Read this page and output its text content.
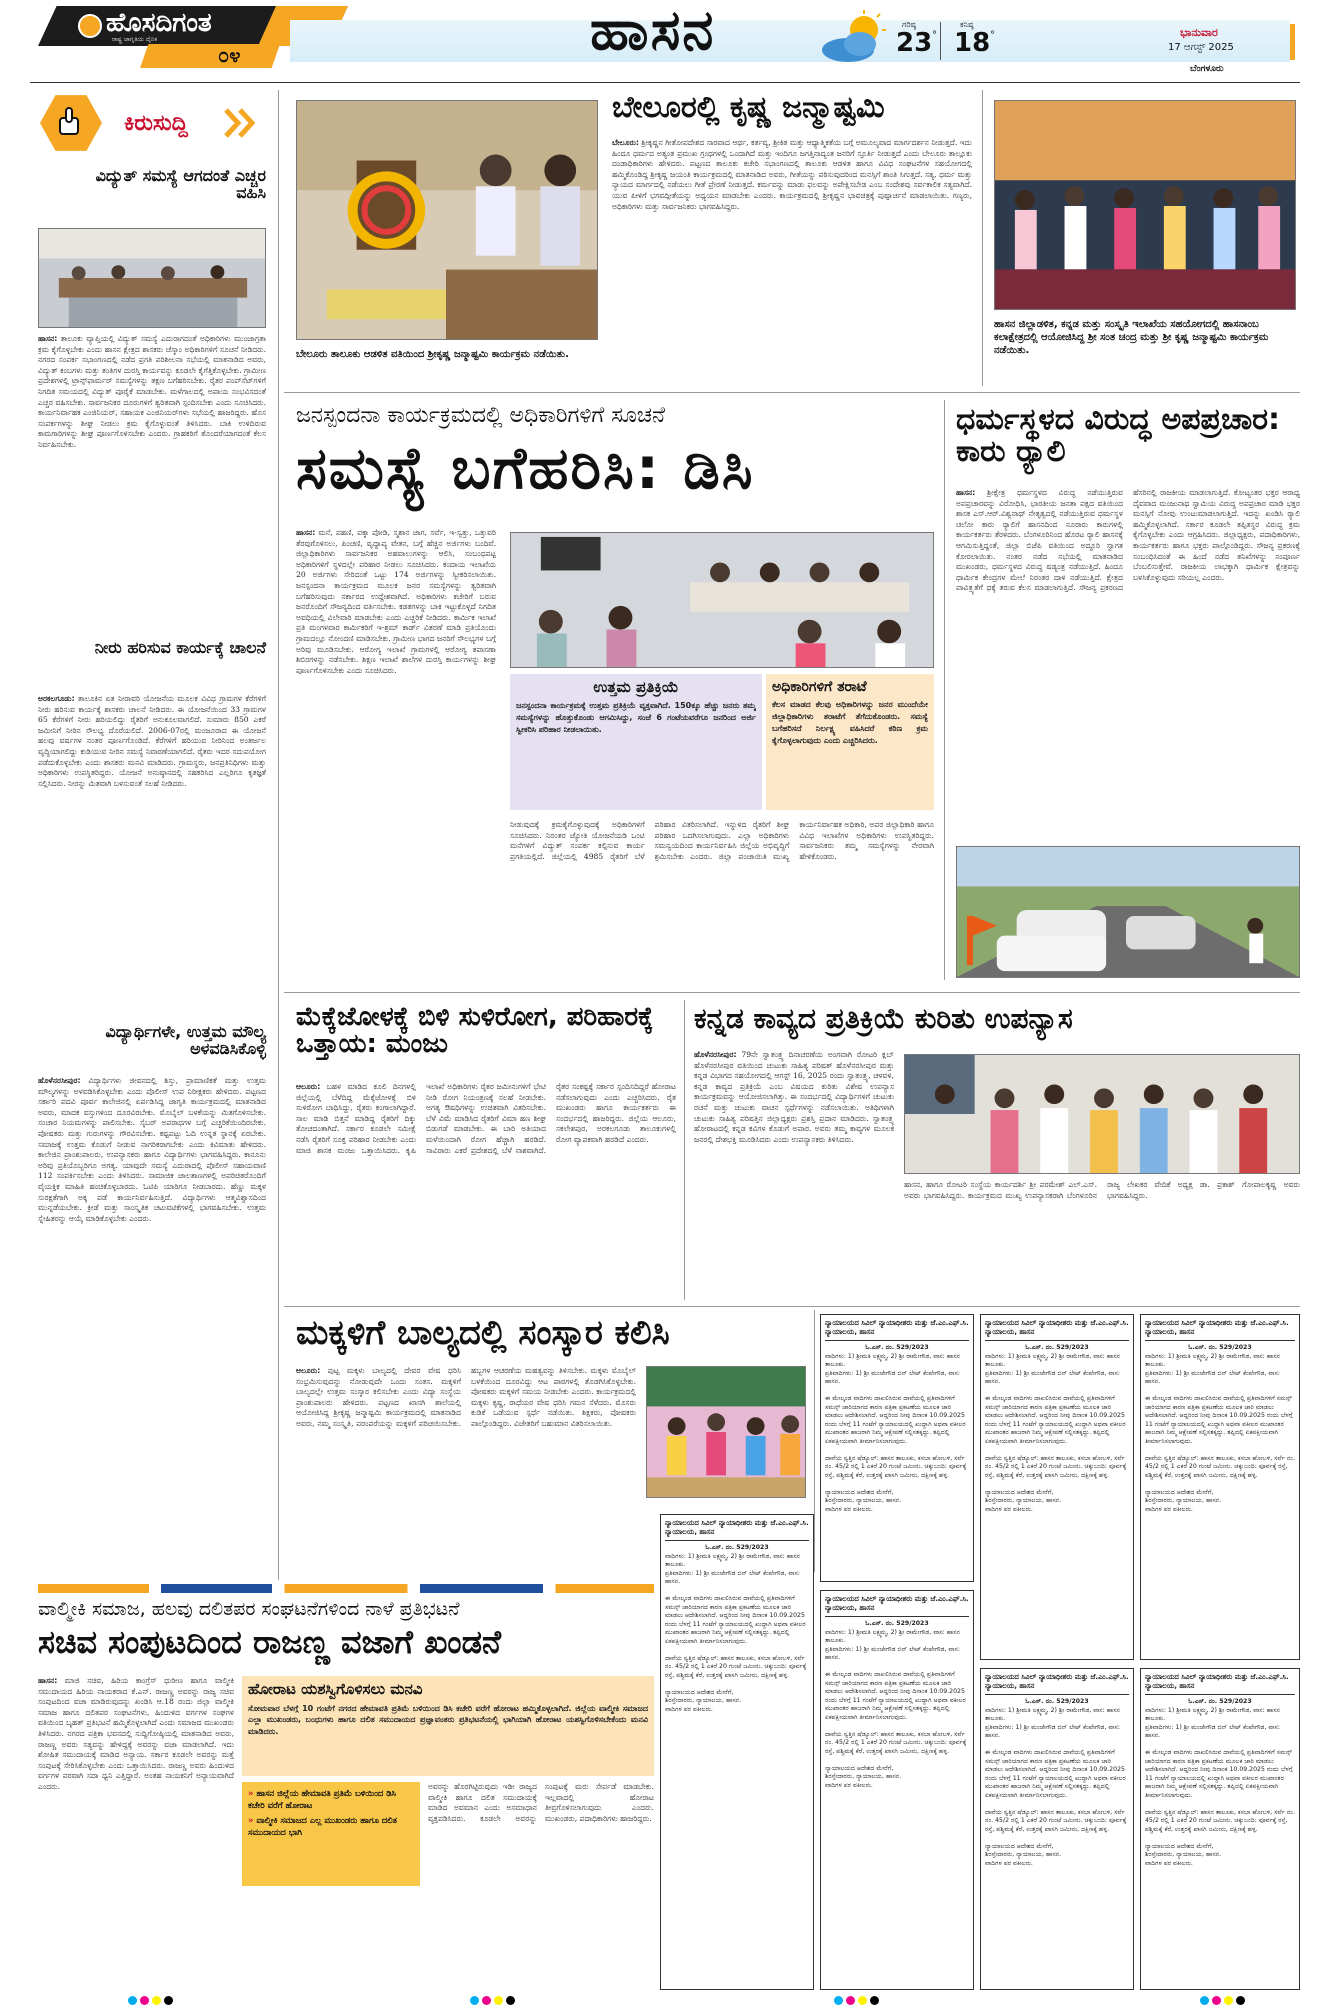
ಹೊಸದಿಗಂತ
ರಾಷ್ಟ್ರ ಜಾಗೃತಿಯ ದೈನಿಕ
೦೪	ಹಾಸನ	ಗರಿಷ್ಠ
23 °
ಕನಿಷ್ಠ
18 °	ಭಾನುವಾರ
17 ಆಗಸ್ಟ್ 2025
ಬೆಂಗಳೂರು
ಕಿರುಸುದ್ದಿ
ವಿದ್ಯುತ್ ಸಮಸ್ಯೆ ಆಗದಂತೆ ಎಚ್ಚರ ವಹಿಸಿ
ಹಾಸನ: ತಾಲೂಕು ವ್ಯಾಪ್ತಿಯಲ್ಲಿ ವಿದ್ಯುತ್ ಸಮಸ್ಯೆ ಎದುರಾಗದಂತೆ ಅಧಿಕಾರಿಗಳು ಮುಂಜಾಗ್ರತಾ ಕ್ರಮ ಕೈಗೊಳ್ಳಬೇಕು ಎಂದು ಹಾಸನ ಕ್ಷೇತ್ರದ ಶಾಸಕರು ಚೆಸ್ಕಾಂ ಅಧಿಕಾರಿಗಳಿಗೆ ಸೂಚನೆ ನೀಡಿದರು. ನಗರದ ಸಂಪರ್ಕ ಸಭಾಂಗಣದಲ್ಲಿ ನಡೆದ ಪ್ರಗತಿ ಪರಿಶೀಲನಾ ಸಭೆಯಲ್ಲಿ ಮಾತನಾಡಿದ ಅವರು, ವಿದ್ಯುತ್ ಕಂಬಗಳು ಮತ್ತು ತಂತಿಗಳ ದುರಸ್ತಿ ಕಾರ್ಯವನ್ನು ಕೂಡಲೇ ಕೈಗೆತ್ತಿಕೊಳ್ಳಬೇಕು. ಗ್ರಾಮೀಣ ಪ್ರದೇಶಗಳಲ್ಲಿ ಟ್ರಾನ್ಸ್‌ಫಾರ್ಮರ್ ಸಮಸ್ಯೆಗಳನ್ನು ತಕ್ಷಣ ಬಗೆಹರಿಸಬೇಕು. ರೈತರ ಪಂಪ್‌ಸೆಟ್‌ಗಳಿಗೆ ನಿಗದಿತ ಸಮಯದಲ್ಲಿ ವಿದ್ಯುತ್ ಪೂರೈಕೆ ಮಾಡಬೇಕು. ಮಳೆಗಾಲದಲ್ಲಿ ಅಪಾಯ ಸಂಭವಿಸದಂತೆ ಎಚ್ಚರ ವಹಿಸಬೇಕು. ಸಾರ್ವಜನಿಕರ ದೂರುಗಳಿಗೆ ತ್ವರಿತವಾಗಿ ಸ್ಪಂದಿಸಬೇಕು ಎಂದು ಸೂಚಿಸಿದರು. ಕಾರ್ಯನಿರ್ವಾಹಕ ಎಂಜಿನಿಯರ್, ಸಹಾಯಕ ಎಂಜಿನಿಯರ್‌ಗಳು ಸಭೆಯಲ್ಲಿ ಹಾಜರಿದ್ದರು. ಹೊಸ ಸಂಪರ್ಕಗಳನ್ನು ಶೀಘ್ರ ನೀಡಲು ಕ್ರಮ ಕೈಗೊಳ್ಳುವಂತೆ ತಿಳಿಸಿದರು. ಬಾಕಿ ಉಳಿದಿರುವ ಕಾಮಗಾರಿಗಳನ್ನು ಶೀಘ್ರ ಪೂರ್ಣಗೊಳಿಸಬೇಕು ಎಂದರು. ಗ್ರಾಹಕರಿಗೆ ತೊಂದರೆಯಾಗದಂತೆ ಕೆಲಸ ನಿರ್ವಹಿಸಬೇಕು.
ನೀರು ಹರಿಸುವ ಕಾರ್ಯಕ್ಕೆ ಚಾಲನೆ
ಅರಕಲಗೂಡು: ತಾಲೂಕಿನ ಏತ ನೀರಾವರಿ ಯೋಜನೆಯ ಮೂಲಕ ವಿವಿಧ ಗ್ರಾಮಗಳ ಕೆರೆಗಳಿಗೆ ನೀರು ಹರಿಸುವ ಕಾರ್ಯಕ್ಕೆ ಶಾಸಕರು ಚಾಲನೆ ನೀಡಿದರು. ಈ ಯೋಜನೆಯಿಂದ 33 ಗ್ರಾಮಗಳ 65 ಕೆರೆಗಳಿಗೆ ನೀರು ಹರಿಯಲಿದ್ದು ರೈತರಿಗೆ ಅನುಕೂಲವಾಗಲಿದೆ. ಸುಮಾರು 850 ಎಕರೆ ಜಮೀನಿಗೆ ನೀರಿನ ಸೌಲಭ್ಯ ದೊರೆಯಲಿದೆ. 2006-07ರಲ್ಲಿ ಮಂಜೂರಾದ ಈ ಯೋಜನೆ ಹಲವು ವರ್ಷಗಳ ನಂತರ ಪೂರ್ಣಗೊಂಡಿದೆ. ಕೆರೆಗಳಿಗೆ ಹರಿಯುವ ನೀರಿನಿಂದ ಅಂತರ್ಜಲ ವೃದ್ಧಿಯಾಗಲಿದ್ದು ಕುಡಿಯುವ ನೀರಿನ ಸಮಸ್ಯೆ ನಿವಾರಣೆಯಾಗಲಿದೆ. ರೈತರು ಇದರ ಸದುಪಯೋಗ ಪಡೆದುಕೊಳ್ಳಬೇಕು ಎಂದು ಶಾಸಕರು ಮನವಿ ಮಾಡಿದರು. ಗ್ರಾಮಸ್ಥರು, ಜನಪ್ರತಿನಿಧಿಗಳು ಮತ್ತು ಅಧಿಕಾರಿಗಳು ಉಪಸ್ಥಿತರಿದ್ದರು. ಯೋಜನೆ ಅನುಷ್ಠಾನದಲ್ಲಿ ಸಹಕರಿಸಿದ ಎಲ್ಲರಿಗೂ ಕೃತಜ್ಞತೆ ಸಲ್ಲಿಸಿದರು. ನೀರನ್ನು ಮಿತವಾಗಿ ಬಳಸುವಂತೆ ಸಲಹೆ ನೀಡಿದರು.
ವಿದ್ಯಾರ್ಥಿಗಳೇ, ಉತ್ತಮ ಮೌಲ್ಯ ಅಳವಡಿಸಿಕೊಳ್ಳಿ
ಹೊಳೆನರಸೀಪುರ: ವಿದ್ಯಾರ್ಥಿಗಳು ಜೀವನದಲ್ಲಿ ಶಿಸ್ತು, ಪ್ರಾಮಾಣಿಕತೆ ಮತ್ತು ಉತ್ತಮ ಮೌಲ್ಯಗಳನ್ನು ಅಳವಡಿಸಿಕೊಳ್ಳಬೇಕು ಎಂದು ಪೊಲೀಸ್ ಉಪ ನಿರೀಕ್ಷಕರು ಹೇಳಿದರು. ಪಟ್ಟಣದ ಸರ್ಕಾರಿ ಪದವಿ ಪೂರ್ವ ಕಾಲೇಜಿನಲ್ಲಿ ಏರ್ಪಡಿಸಿದ್ದ ಜಾಗೃತಿ ಕಾರ್ಯಕ್ರಮದಲ್ಲಿ ಮಾತನಾಡಿದ ಅವರು, ಮಾದಕ ವಸ್ತುಗಳಿಂದ ದೂರವಿರಬೇಕು. ಮೊಬೈಲ್ ಬಳಕೆಯನ್ನು ಮಿತಗೊಳಿಸಬೇಕು. ಸಂಚಾರ ನಿಯಮಗಳನ್ನು ಪಾಲಿಸಬೇಕು. ಸೈಬರ್ ಅಪರಾಧಗಳ ಬಗ್ಗೆ ಎಚ್ಚರಿಕೆಯಿಂದಿರಬೇಕು. ಪೋಷಕರು ಮತ್ತು ಗುರುಗಳನ್ನು ಗೌರವಿಸಬೇಕು. ಕಷ್ಟಪಟ್ಟು ಓದಿ ಉನ್ನತ ಸ್ಥಾನಕ್ಕೆ ಏರಬೇಕು. ಸಮಾಜಕ್ಕೆ ಉತ್ತಮ ಕೊಡುಗೆ ನೀಡುವ ನಾಗರಿಕರಾಗಬೇಕು ಎಂದು ಕಿವಿಮಾತು ಹೇಳಿದರು. ಕಾಲೇಜಿನ ಪ್ರಾಂಶುಪಾಲರು, ಉಪನ್ಯಾಸಕರು ಹಾಗೂ ವಿದ್ಯಾರ್ಥಿಗಳು ಭಾಗವಹಿಸಿದ್ದರು. ಕಾನೂನು ಅರಿವು ಪ್ರತಿಯೊಬ್ಬರಿಗೂ ಅಗತ್ಯ. ಯಾವುದೇ ಸಮಸ್ಯೆ ಎದುರಾದಲ್ಲಿ ಪೊಲೀಸ್ ಸಹಾಯವಾಣಿ 112 ಸಂಪರ್ಕಿಸಬೇಕು ಎಂದು ತಿಳಿಸಿದರು. ಸಾಮಾಜಿಕ ಜಾಲತಾಣಗಳಲ್ಲಿ ಅಪರಿಚಿತರೊಂದಿಗೆ ವೈಯಕ್ತಿಕ ಮಾಹಿತಿ ಹಂಚಿಕೊಳ್ಳಬಾರದು. ಓಟಿಪಿ ಯಾರಿಗೂ ನೀಡಬಾರದು. ಹೆಣ್ಣು ಮಕ್ಕಳ ಸುರಕ್ಷತೆಗಾಗಿ ಅಕ್ಕ ಪಡೆ ಕಾರ್ಯನಿರ್ವಹಿಸುತ್ತಿದೆ. ವಿದ್ಯಾರ್ಥಿಗಳು ಆತ್ಮವಿಶ್ವಾಸದಿಂದ ಮುನ್ನಡೆಯಬೇಕು. ಕ್ರೀಡೆ ಮತ್ತು ಸಾಂಸ್ಕೃತಿಕ ಚಟುವಟಿಕೆಗಳಲ್ಲಿ ಭಾಗವಹಿಸಬೇಕು. ಉತ್ತಮ ಸ್ನೇಹಿತರನ್ನು ಆಯ್ಕೆ ಮಾಡಿಕೊಳ್ಳಬೇಕು ಎಂದರು.
ಬೇಲೂರು ತಾಲೂಕು ಆಡಳಿತ ವತಿಯಿಂದ ಶ್ರೀಕೃಷ್ಣ ಜನ್ಮಾಷ್ಟಮಿ ಕಾರ್ಯಕ್ರಮ ನಡೆಯಿತು.
ಬೇಲೂರಲ್ಲಿ ಕೃಷ್ಣ ಜನ್ಮಾಷ್ಟಮಿ
ಬೇಲೂರು: ಶ್ರೀಕೃಷ್ಣನ ಗೀತೋಪದೇಶದ ಸಾರವಾದ ಆರ್ಥ, ಕರ್ತವ್ಯ, ಶ್ರೀಕಿತ ಮತ್ತು ಆಧ್ಯಾತ್ಮಿಕತೆಯ ಬಗ್ಗೆ ಅಮೂಲ್ಯವಾದ ಮಾರ್ಗದರ್ಶನ ನೀಡುತ್ತದೆ. ಇದು ಹಿಂದೂ ಧರ್ಮದ ಅತ್ಯಂತ ಪ್ರಮುಖ ಗ್ರಂಥಗಳಲ್ಲಿ ಒಂದಾಗಿದೆ ಮತ್ತು ಇಂದಿಗೂ ಜಗತ್ತಿನಾದ್ಯಂತ ಜನರಿಗೆ ಸ್ಫೂರ್ತಿ ನೀಡುತ್ತದೆ ಎಂದು ಬೇಲೂರು ತಾಲ್ಲೂಕು ದಂಡಾಧಿಕಾರಿಗಳು ಹೇಳಿದರು. ಪಟ್ಟಣದ ತಾಲೂಕು ಕಚೇರಿ ಸಭಾಂಗಣದಲ್ಲಿ ತಾಲೂಕು ಆಡಳಿತ ಹಾಗೂ ವಿವಿಧ ಸಂಘಟನೆಗಳ ಸಹಯೋಗದಲ್ಲಿ ಹಮ್ಮಿಕೊಂಡಿದ್ದ ಶ್ರೀಕೃಷ್ಣ ಜಯಂತಿ ಕಾರ್ಯಕ್ರಮದಲ್ಲಿ ಮಾತನಾಡಿದ ಅವರು, ಗೀತೆಯನ್ನು ಪಠಿಸುವುದರಿಂದ ಮನಸ್ಸಿಗೆ ಶಾಂತಿ ಸಿಗುತ್ತದೆ. ಸತ್ಯ, ಧರ್ಮ ಮತ್ತು ನ್ಯಾಯದ ಮಾರ್ಗದಲ್ಲಿ ನಡೆಯಲು ಗೀತೆ ಪ್ರೇರಣೆ ನೀಡುತ್ತದೆ. ಕರ್ಮವನ್ನು ಮಾಡು ಫಲವನ್ನು ಅಪೇಕ್ಷಿಸಬೇಡ ಎಂಬ ಸಂದೇಶವು ಸರ್ವಕಾಲಿಕ ಸತ್ಯವಾಗಿದೆ. ಯುವ ಪೀಳಿಗೆ ಭಗವದ್ಗೀತೆಯನ್ನು ಅಧ್ಯಯನ ಮಾಡಬೇಕು ಎಂದರು. ಕಾರ್ಯಕ್ರಮದಲ್ಲಿ ಶ್ರೀಕೃಷ್ಣನ ಭಾವಚಿತ್ರಕ್ಕೆ ಪುಷ್ಪಾರ್ಚನೆ ಮಾಡಲಾಯಿತು. ಗಣ್ಯರು, ಅಧಿಕಾರಿಗಳು ಮತ್ತು ಸಾರ್ವಜನಿಕರು ಭಾಗವಹಿಸಿದ್ದರು.
ಹಾಸನ ಜಿಲ್ಲಾಡಳಿತ, ಕನ್ನಡ ಮತ್ತು ಸಂಸ್ಕೃತಿ ಇಲಾಖೆಯ ಸಹಯೋಗದಲ್ಲಿ ಹಾಸನಾಂಬ ಕಲಾಕ್ಷೇತ್ರದಲ್ಲಿ ಆಯೋಜಿಸಿದ್ದ ಶ್ರೀ ಸಂತ ಚಂದ್ರ ಮತ್ತು ಶ್ರೀ ಕೃಷ್ಣ ಜನ್ಮಾಷ್ಟಮಿ ಕಾರ್ಯಕ್ರಮ ನಡೆಯಿತು.
ಜನಸ್ಪಂದನಾ ಕಾರ್ಯಕ್ರಮದಲ್ಲಿ ಅಧಿಕಾರಿಗಳಿಗೆ ಸೂಚನೆ
ಸಮಸ್ಯೆ ಬಗೆಹರಿಸಿ: ಡಿಸಿ
ಹಾಸನ: ಮನೆ, ಪಹಣಿ, ಪಕ್ಕಾ ಪೋಡಿ, ಸ್ಮಶಾನ ಜಾಗ, ಸರ್ವೆ, ಇ-ಸ್ವತ್ತು, ಒತ್ತುವರಿ ತೆರವುಗೊಳಿಸಲು, ಪಿಂಚಣಿ, ವೃದ್ಧಾಪ್ಯ ವೇತನ, ಬಗ್ಗೆ ಹೆಚ್ಚಿನ ಅರ್ಜಿಗಳು ಬಂದಿವೆ. ಜಿಲ್ಲಾಧಿಕಾರಿಗಳು ಸಾರ್ವಜನಿಕರ ಅಹವಾಲುಗಳನ್ನು ಆಲಿಸಿ, ಸಂಬಂಧಪಟ್ಟ ಅಧಿಕಾರಿಗಳಿಗೆ ಸ್ಥಳದಲ್ಲೇ ಪರಿಹಾರ ನೀಡಲು ಸೂಚಿಸಿದರು. ಕಂದಾಯ ಇಲಾಖೆಯ 20 ಅರ್ಜಿಗಳು ಸೇರಿದಂತೆ ಒಟ್ಟು 174 ಅರ್ಜಿಗಳನ್ನು ಸ್ವೀಕರಿಸಲಾಯಿತು. ಜನಸ್ಪಂದನಾ ಕಾರ್ಯಕ್ರಮದ ಮೂಲಕ ಜನರ ಸಮಸ್ಯೆಗಳನ್ನು ತ್ವರಿತವಾಗಿ ಬಗೆಹರಿಸುವುದು ಸರ್ಕಾರದ ಉದ್ದೇಶವಾಗಿದೆ. ಅಧಿಕಾರಿಗಳು ಕಚೇರಿಗೆ ಬರುವ ಜನರೊಂದಿಗೆ ಸೌಜನ್ಯದಿಂದ ವರ್ತಿಸಬೇಕು. ಕಡತಗಳನ್ನು ಬಾಕಿ ಇಟ್ಟುಕೊಳ್ಳದೆ ನಿಗದಿತ ಅವಧಿಯಲ್ಲಿ ವಿಲೇವಾರಿ ಮಾಡಬೇಕು ಎಂದು ಎಚ್ಚರಿಕೆ ನೀಡಿದರು. ಕಾರ್ಮಿಕ ಇಲಾಖೆ ಪ್ರತಿ ಮಂಗಳವಾರ ಕಾರ್ಮಿಕರಿಗೆ ಇ-ಶ್ರಮ್ ಕಾರ್ಡ್ ವಿತರಣೆ ಮಾಡಿ ಪ್ರತಿಯೊಂದು ಗ್ರಾಮದಲ್ಲೂ ನೋಂದಣಿ ಮಾಡಿಸಬೇಕು. ಗ್ರಾಮೀಣ ಭಾಗದ ಜನರಿಗೆ ಸೌಲಭ್ಯಗಳ ಬಗ್ಗೆ ಅರಿವು ಮೂಡಿಸಬೇಕು. ಆರೋಗ್ಯ ಇಲಾಖೆ ಗ್ರಾಮಗಳಲ್ಲಿ ಆರೋಗ್ಯ ತಪಾಸಣಾ ಶಿಬಿರಗಳನ್ನು ನಡೆಸಬೇಕು. ಶಿಕ್ಷಣ ಇಲಾಖೆ ಶಾಲೆಗಳ ದುರಸ್ತಿ ಕಾರ್ಯಗಳನ್ನು ಶೀಘ್ರ ಪೂರ್ಣಗೊಳಿಸಬೇಕು ಎಂದು ಸೂಚಿಸಿದರು.
ಉತ್ತಮ ಪ್ರತಿಕ್ರಿಯೆ
ಜನಸ್ಪಂದನಾ ಕಾರ್ಯಕ್ರಮಕ್ಕೆ ಉತ್ತಮ ಪ್ರತಿಕ್ರಿಯೆ ವ್ಯಕ್ತವಾಗಿದೆ. 150ಕ್ಕೂ ಹೆಚ್ಚು ಜನರು ತಮ್ಮ ಸಮಸ್ಯೆಗಳನ್ನು ಹೊತ್ತುಕೊಂಡು ಆಗಮಿಸಿದ್ದು, ಸಂಜೆ 6 ಗಂಟೆಯವರೆಗೂ ಜನರಿಂದ ಅರ್ಜಿ ಸ್ವೀಕರಿಸಿ ಪರಿಹಾರ ನೀಡಲಾಯಿತು.
ಅಧಿಕಾರಿಗಳಿಗೆ ತರಾಟೆ
ಕೆಲಸ ಮಾಡದ ಕೆಲವು ಅಧಿಕಾರಿಗಳನ್ನು ಜನರ ಮುಂದೆಯೇ ಜಿಲ್ಲಾಧಿಕಾರಿಗಳು ತರಾಟೆಗೆ ತೆಗೆದುಕೊಂಡರು. ಸಮಸ್ಯೆ ಬಗೆಹರಿಸದೆ ನಿರ್ಲಕ್ಷ್ಯ ವಹಿಸಿದರೆ ಕಠಿಣ ಕ್ರಮ ಕೈಗೊಳ್ಳಲಾಗುವುದು ಎಂದು ಎಚ್ಚರಿಸಿದರು.
ನೀಡುವುದಕ್ಕೆ ಕ್ರಮಕೈಗೊಳ್ಳುವುದಕ್ಕೆ ಅಧಿಕಾರಿಗಳಿಗೆ ಸೂಚಿಸಿದರು. ನಿರಂತರ ಜ್ಯೋತಿ ಯೋಜನೆಯಡಿ ಒಂಟಿ ಮನೆಗಳಿಗೆ ವಿದ್ಯುತ್ ಸಂಪರ್ಕ ಕಲ್ಪಿಸುವ ಕಾರ್ಯ ಪ್ರಗತಿಯಲ್ಲಿದೆ. ಜಿಲ್ಲೆಯಲ್ಲಿ 4985 ರೈತರಿಗೆ ಬೆಳೆ ಪರಿಹಾರ ವಿತರಿಸಲಾಗಿದೆ. ಇನ್ನುಳಿದ ರೈತರಿಗೆ ಶೀಘ್ರ ಪರಿಹಾರ ಒದಗಿಸಲಾಗುವುದು. ಎಲ್ಲಾ ಅಧಿಕಾರಿಗಳು ಸಮನ್ವಯದಿಂದ ಕಾರ್ಯನಿರ್ವಹಿಸಿ ಜಿಲ್ಲೆಯ ಅಭಿವೃದ್ಧಿಗೆ ಶ್ರಮಿಸಬೇಕು ಎಂದರು. ಜಿಲ್ಲಾ ಪಂಚಾಯಿತಿ ಮುಖ್ಯ ಕಾರ್ಯನಿರ್ವಾಹಕ ಅಧಿಕಾರಿ, ಅಪರ ಜಿಲ್ಲಾಧಿಕಾರಿ ಹಾಗೂ ವಿವಿಧ ಇಲಾಖೆಗಳ ಅಧಿಕಾರಿಗಳು ಉಪಸ್ಥಿತರಿದ್ದರು. ಸಾರ್ವಜನಿಕರು ತಮ್ಮ ಸಮಸ್ಯೆಗಳನ್ನು ನೇರವಾಗಿ ಹೇಳಿಕೊಂಡರು.
ಧರ್ಮಸ್ಥಳದ ವಿರುದ್ಧ ಅಪಪ್ರಚಾರ: ಕಾರು ರ್‍ಯಾಲಿ
ಹಾಸನ: ಶ್ರೀಕ್ಷೇತ್ರ ಧರ್ಮಸ್ಥಳದ ವಿರುದ್ಧ ನಡೆಯುತ್ತಿರುವ ಅಪಪ್ರಚಾರವನ್ನು ವಿರೋಧಿಸಿ, ಭಾರತೀಯ ಜನತಾ ಪಕ್ಷದ ವತಿಯಿಂದ ಶಾಸಕ ಎಸ್.ಆರ್.ವಿಶ್ವನಾಥ್ ನೇತೃತ್ವದಲ್ಲಿ ನಡೆಯುತ್ತಿರುವ ಧರ್ಮಸ್ಥಳ ಚಲೋ ಕಾರು ರ್‍ಯಾಲಿಗೆ ಹಾಸನದಿಂದ ನೂರಾರು ಕಾರುಗಳಲ್ಲಿ ಕಾರ್ಯಕರ್ತರು ತೆರಳಿದರು. ಬೆಂಗಳೂರಿನಿಂದ ಹೊರಟ ರ್‍ಯಾಲಿ ಹಾಸನಕ್ಕೆ ಆಗಮಿಸುತ್ತಿದ್ದಂತೆ, ಜಿಲ್ಲಾ ಬಿಜೆಪಿ ವತಿಯಿಂದ ಅದ್ಧೂರಿ ಸ್ವಾಗತ ಕೋರಲಾಯಿತು. ನಂತರ ನಡೆದ ಸಭೆಯಲ್ಲಿ ಮಾತನಾಡಿದ ಮುಖಂಡರು, ಧರ್ಮಸ್ಥಳದ ವಿರುದ್ಧ ಷಡ್ಯಂತ್ರ ನಡೆಯುತ್ತಿದೆ. ಹಿಂದೂ ಧಾರ್ಮಿಕ ಕೇಂದ್ರಗಳ ಮೇಲೆ ನಿರಂತರ ದಾಳಿ ನಡೆಯುತ್ತಿದೆ. ಕ್ಷೇತ್ರದ ಪಾವಿತ್ರ್ಯತೆಗೆ ಧಕ್ಕೆ ತರುವ ಕೆಲಸ ಮಾಡಲಾಗುತ್ತಿದೆ. ಸೌಜನ್ಯ ಪ್ರಕರಣದ ಹೆಸರಿನಲ್ಲಿ ರಾಜಕೀಯ ಮಾಡಲಾಗುತ್ತಿದೆ. ಕೋಟ್ಯಂತರ ಭಕ್ತರ ಆರಾಧ್ಯ ದೈವವಾದ ಮಂಜುನಾಥ ಸ್ವಾಮಿಯ ವಿರುದ್ಧ ಅಪಪ್ರಚಾರ ಮಾಡಿ ಭಕ್ತರ ಮನಸ್ಸಿಗೆ ನೋವು ಉಂಟುಮಾಡಲಾಗುತ್ತಿದೆ. ಇದನ್ನು ಖಂಡಿಸಿ ರ್‍ಯಾಲಿ ಹಮ್ಮಿಕೊಳ್ಳಲಾಗಿದೆ. ಸರ್ಕಾರ ಕೂಡಲೇ ತಪ್ಪಿತಸ್ಥರ ವಿರುದ್ಧ ಕ್ರಮ ಕೈಗೊಳ್ಳಬೇಕು ಎಂದು ಆಗ್ರಹಿಸಿದರು. ಜಿಲ್ಲಾಧ್ಯಕ್ಷರು, ಪದಾಧಿಕಾರಿಗಳು, ಕಾರ್ಯಕರ್ತರು ಹಾಗೂ ಭಕ್ತರು ಪಾಲ್ಗೊಂಡಿದ್ದರು. ಸೌಜನ್ಯ ಪ್ರಕರಣಕ್ಕೆ ಸಂಬಂಧಿಸಿದಂತೆ ಈ ಹಿಂದೆ ನಡೆದ ತನಿಖೆಗಳನ್ನು ಸಂಪೂರ್ಣ ಬೆಂಬಲಿಸುತ್ತೇವೆ. ರಾಜಕೀಯ ಲಾಭಕ್ಕಾಗಿ ಧಾರ್ಮಿಕ ಕ್ಷೇತ್ರವನ್ನು ಬಳಸಿಕೊಳ್ಳುವುದು ಸರಿಯಲ್ಲ ಎಂದರು.
ಮೆಕ್ಕೆಜೋಳಕ್ಕೆ ಬಿಳಿ ಸುಳಿರೋಗ, ಪರಿಹಾರಕ್ಕೆ ಒತ್ತಾಯ: ಮಂಜು
ಆಲೂರು: ಬಹಳ ಮಾಡಿದ ಕೂಲಿ ದಿನಗಳಲ್ಲಿ ಜಿಲ್ಲೆಯಲ್ಲಿ ಬೆಳೆದಿದ್ದ ಮೆಕ್ಕೆಜೋಳಕ್ಕೆ ಬಿಳಿ ಸುಳಿರೋಗ ಬಾಧಿಸಿದ್ದು, ರೈತರು ಕಂಗಾಲಾಗಿದ್ದಾರೆ. ಸಾಲ ಮಾಡಿ ಬಿತ್ತನೆ ಮಾಡಿದ್ದ ರೈತರಿಗೆ ದಿಕ್ಕು ತೋಚದಂತಾಗಿದೆ. ಸರ್ಕಾರ ಕೂಡಲೇ ಸಮೀಕ್ಷೆ ನಡೆಸಿ ರೈತರಿಗೆ ಸೂಕ್ತ ಪರಿಹಾರ ನೀಡಬೇಕು ಎಂದು ಮಾಜಿ ಶಾಸಕ ಮಂಜು ಒತ್ತಾಯಿಸಿದರು. ಕೃಷಿ ಇಲಾಖೆ ಅಧಿಕಾರಿಗಳು ರೈತರ ಜಮೀನುಗಳಿಗೆ ಭೇಟಿ ನೀಡಿ ರೋಗ ನಿಯಂತ್ರಣಕ್ಕೆ ಸಲಹೆ ನೀಡಬೇಕು. ಅಗತ್ಯ ಔಷಧಿಗಳನ್ನು ಉಚಿತವಾಗಿ ವಿತರಿಸಬೇಕು. ಬೆಳೆ ವಿಮೆ ಮಾಡಿಸಿದ ರೈತರಿಗೆ ವಿಮಾ ಹಣ ಶೀಘ್ರ ಬಿಡುಗಡೆ ಮಾಡಬೇಕು. ಈ ಬಾರಿ ಅತಿಯಾದ ಮಳೆಯಿಂದಾಗಿ ರೋಗ ಹೆಚ್ಚಾಗಿ ಹರಡಿದೆ. ಸಾವಿರಾರು ಎಕರೆ ಪ್ರದೇಶದಲ್ಲಿ ಬೆಳೆ ನಾಶವಾಗಿದೆ. ರೈತರ ಸಂಕಷ್ಟಕ್ಕೆ ಸರ್ಕಾರ ಸ್ಪಂದಿಸದಿದ್ದರೆ ಹೋರಾಟ ನಡೆಸಲಾಗುವುದು ಎಂದು ಎಚ್ಚರಿಸಿದರು. ರೈತ ಮುಖಂಡರು ಹಾಗೂ ಕಾರ್ಯಕರ್ತರು ಈ ಸಂದರ್ಭದಲ್ಲಿ ಹಾಜರಿದ್ದರು. ಜಿಲ್ಲೆಯ ಆಲೂರು, ಸಕಲೇಶಪುರ, ಅರಕಲಗೂಡು ತಾಲೂಕುಗಳಲ್ಲಿ ರೋಗ ವ್ಯಾಪಕವಾಗಿ ಹರಡಿದೆ ಎಂದರು.
ಕನ್ನಡ ಕಾವ್ಯದ ಪ್ರತಿಕ್ರಿಯೆ ಕುರಿತು ಉಪನ್ಯಾಸ
ಹೊಳೆನರಸೀಪುರ: 79ನೇ ಸ್ವಾತಂತ್ರ್ಯ ದಿನಾಚರಣೆಯ ಅಂಗವಾಗಿ ರೋಟರಿ ಕ್ಲಬ್ ಹೊಳೆನರಸೀಪುರ ವತಿಯಿಂದ ಚುಟುಕು ಸಾಹಿತ್ಯ ಪರಿಷತ್ ಹೊಳೆನರಸೀಪುರ ಮತ್ತು ಕನ್ನಡ ವಿಭಾಗದ ಸಹಯೋಗದಲ್ಲಿ ಆಗಸ್ಟ್ 16, 2025 ರಂದು ಸ್ವಾತಂತ್ರ್ಯ, ಚಳವಳಿ, ಕನ್ನಡ ಕಾವ್ಯದ ಪ್ರತಿಕ್ರಿಯೆ ಎಂಬ ವಿಷಯದ ಕುರಿತು ವಿಶೇಷ ಉಪನ್ಯಾಸ ಕಾರ್ಯಕ್ರಮವನ್ನು ಆಯೋಜಿಸಲಾಗಿತ್ತು. ಈ ಸಂದರ್ಭದಲ್ಲಿ ವಿದ್ಯಾರ್ಥಿಗಳಿಗೆ ಚುಟುಕು ರಚನೆ ಮತ್ತು ಚುಟುಕು ವಾಚನ ಸ್ಪರ್ಧೆಗಳನ್ನು ನಡೆಸಲಾಯಿತು. ಅತಿಥಿಗಳಾಗಿ ಚುಟುಕು ಸಾಹಿತ್ಯ ಪರಿಷತ್ತಿನ ಜಿಲ್ಲಾಧ್ಯಕ್ಷರು ಪ್ರಶಸ್ತಿ ಪ್ರದಾನ ಮಾಡಿದರು. ಸ್ವಾತಂತ್ರ್ಯ ಹೋರಾಟದಲ್ಲಿ ಕನ್ನಡ ಕವಿಗಳ ಕೊಡುಗೆ ಅಪಾರ. ಅವರು ತಮ್ಮ ಕಾವ್ಯಗಳ ಮೂಲಕ ಜನರಲ್ಲಿ ದೇಶಭಕ್ತಿ ಮೂಡಿಸಿದರು ಎಂದು ಉಪನ್ಯಾಸಕರು ತಿಳಿಸಿದರು.
ಹಾಸನ, ಹಾಗೂ ರೋಟರಿ ಸಂಸ್ಥೆಯ ಕಾರ್ಯದರ್ಶಿ ಶ್ರೀ ಪರಮೇಶ್ ಎಲ್.ಎಸ್. ಅವರು ಭಾಗವಹಿಸಿದ್ದರು. ಕಾರ್ಯಕ್ರಮದ ಮುಖ್ಯ ಉಪನ್ಯಾಸಕರಾಗಿ ಬೆಂಗಳೂರಿನ ರಾಜ್ಯ ಲೇಖಕರ ವೇದಿಕೆ ಅಧ್ಯಕ್ಷ ಡಾ. ಪ್ರಕಾಶ್ ಗೋಪಾಲಕೃಷ್ಣ ಅವರು ಭಾಗವಹಿಸಿದ್ದರು.
ಮಕ್ಕಳಿಗೆ ಬಾಲ್ಯದಲ್ಲಿ ಸಂಸ್ಕಾರ ಕಲಿಸಿ
ಆಲೂರು: ಪುಟ್ಟ ಮಕ್ಕಳು ಬಾಲ್ಯದಲ್ಲಿ ದೇವರ ವೇಷ ಧರಿಸಿ ಸಂಭ್ರಮಿಸುವುದನ್ನು ನೋಡುವುದೇ ಒಂದು ಸಂತಸ. ಮಕ್ಕಳಿಗೆ ಬಾಲ್ಯದಲ್ಲೇ ಉತ್ತಮ ಸಂಸ್ಕಾರ ಕಲಿಸಬೇಕು ಎಂದು ವಿದ್ಯಾ ಸಂಸ್ಥೆಯ ಪ್ರಾಂಶುಪಾಲರು ಹೇಳಿದರು. ಪಟ್ಟಣದ ಖಾಸಗಿ ಶಾಲೆಯಲ್ಲಿ ಆಯೋಜಿಸಿದ್ದ ಶ್ರೀಕೃಷ್ಣ ಜನ್ಮಾಷ್ಟಮಿ ಕಾರ್ಯಕ್ರಮದಲ್ಲಿ ಮಾತನಾಡಿದ ಅವರು, ನಮ್ಮ ಸಂಸ್ಕೃತಿ, ಪರಂಪರೆಯನ್ನು ಮಕ್ಕಳಿಗೆ ಪರಿಚಯಿಸಬೇಕು. ಹಬ್ಬಗಳ ಆಚರಣೆಯ ಮಹತ್ವವನ್ನು ತಿಳಿಸಬೇಕು. ಮಕ್ಕಳು ಮೊಬೈಲ್ ಬಳಕೆಯಿಂದ ದೂರವಿದ್ದು ಆಟ ಪಾಠಗಳಲ್ಲಿ ತೊಡಗಿಸಿಕೊಳ್ಳಬೇಕು. ಪೋಷಕರು ಮಕ್ಕಳಿಗೆ ಸಮಯ ನೀಡಬೇಕು ಎಂದರು. ಕಾರ್ಯಕ್ರಮದಲ್ಲಿ ಮಕ್ಕಳು ಕೃಷ್ಣ, ರಾಧೆಯರ ವೇಷ ಧರಿಸಿ ಗಮನ ಸೆಳೆದರು. ಮೊಸರು ಕುಡಿಕೆ ಒಡೆಯುವ ಸ್ಪರ್ಧೆ ನಡೆಯಿತು. ಶಿಕ್ಷಕರು, ಪೋಷಕರು ಪಾಲ್ಗೊಂಡಿದ್ದರು. ವಿಜೇತರಿಗೆ ಬಹುಮಾನ ವಿತರಿಸಲಾಯಿತು.
ನ್ಯಾಯಾಲಯದ ಸಿವಿಲ್ ನ್ಯಾಯಾಧೀಶರು ಮತ್ತು ಜೆ.ಎಂ.ಎಫ್.ಸಿ. ನ್ಯಾಯಾಲಯ, ಹಾಸನ
ಓ.ಎಸ್. ನಂ. 529/2023
ವಾದಿಗಳು: 1) ಶ್ರೀಮತಿ ಲಕ್ಷ್ಮಮ್ಮ, 2) ಶ್ರೀ ರಾಮೇಗೌಡ, ವಾಸ: ಹಾಸನ ತಾಲೂಕು.
ಪ್ರತಿವಾದಿಗಳು: 1) ಶ್ರೀ ಮಂಜೇಗೌಡ ಬಿನ್ ಲೇಟ್ ಕೆಂಪೇಗೌಡ, ವಾಸ: ಹಾಸನ.

ಈ ಮೇಲ್ಕಂಡ ವಾದಿಗಳು ದಾಖಲಿಸಿರುವ ದಾವೆಯಲ್ಲಿ ಪ್ರತಿವಾದಿಗಳಿಗೆ ಸಮನ್ಸ್ ಜಾರಿಯಾಗದ ಕಾರಣ ಪತ್ರಿಕಾ ಪ್ರಕಟಣೆಯ ಮೂಲಕ ಜಾರಿ ಮಾಡಲು ಆದೇಶಿಸಲಾಗಿದೆ. ಆದ್ದರಿಂದ ನೀವು ದಿನಾಂಕ 10.09.2025 ರಂದು ಬೆಳಗ್ಗೆ 11 ಗಂಟೆಗೆ ನ್ಯಾಯಾಲಯದಲ್ಲಿ ಖುದ್ದಾಗಿ ಅಥವಾ ವಕೀಲರ ಮುಖಾಂತರ ಹಾಜರಾಗಿ ನಿಮ್ಮ ಆಕ್ಷೇಪಣೆ ಸಲ್ಲಿಸತಕ್ಕದ್ದು. ತಪ್ಪಿದಲ್ಲಿ ಏಕಪಕ್ಷೀಯವಾಗಿ ತೀರ್ಮಾನಿಸಲಾಗುವುದು.

ದಾವೆಯ ಸ್ವತ್ತಿನ ಷೆಡ್ಯೂಲ್: ಹಾಸನ ತಾಲೂಕು, ಕಸಬಾ ಹೋಬಳಿ, ಸರ್ವೆ ನಂ. 45/2 ರಲ್ಲಿ 1 ಎಕರೆ 20 ಗುಂಟೆ ಜಮೀನು. ಚಕ್ಕುಬಂದಿ: ಪೂರ್ವಕ್ಕೆ ರಸ್ತೆ, ಪಶ್ಚಿಮಕ್ಕೆ ಕೆರೆ, ಉತ್ತರಕ್ಕೆ ಖಾಸಗಿ ಜಮೀನು, ದಕ್ಷಿಣಕ್ಕೆ ಹಳ್ಳ.

ನ್ಯಾಯಾಲಯದ ಆದೇಶದ ಮೇರೆಗೆ,
ಶಿರಸ್ತೇದಾರರು, ನ್ಯಾಯಾಲಯ, ಹಾಸನ.
ವಾದಿಗಳ ಪರ ವಕೀಲರು.
ನ್ಯಾಯಾಲಯದ ಸಿವಿಲ್ ನ್ಯಾಯಾಧೀಶರು ಮತ್ತು ಜೆ.ಎಂ.ಎಫ್.ಸಿ. ನ್ಯಾಯಾಲಯ, ಹಾಸನ
ಓ.ಎಸ್. ನಂ. 529/2023
ವಾದಿಗಳು: 1) ಶ್ರೀಮತಿ ಲಕ್ಷ್ಮಮ್ಮ, 2) ಶ್ರೀ ರಾಮೇಗೌಡ, ವಾಸ: ಹಾಸನ ತಾಲೂಕು.
ಪ್ರತಿವಾದಿಗಳು: 1) ಶ್ರೀ ಮಂಜೇಗೌಡ ಬಿನ್ ಲೇಟ್ ಕೆಂಪೇಗೌಡ, ವಾಸ: ಹಾಸನ.

ಈ ಮೇಲ್ಕಂಡ ವಾದಿಗಳು ದಾಖಲಿಸಿರುವ ದಾವೆಯಲ್ಲಿ ಪ್ರತಿವಾದಿಗಳಿಗೆ ಸಮನ್ಸ್ ಜಾರಿಯಾಗದ ಕಾರಣ ಪತ್ರಿಕಾ ಪ್ರಕಟಣೆಯ ಮೂಲಕ ಜಾರಿ ಮಾಡಲು ಆದೇಶಿಸಲಾಗಿದೆ. ಆದ್ದರಿಂದ ನೀವು ದಿನಾಂಕ 10.09.2025 ರಂದು ಬೆಳಗ್ಗೆ 11 ಗಂಟೆಗೆ ನ್ಯಾಯಾಲಯದಲ್ಲಿ ಖುದ್ದಾಗಿ ಅಥವಾ ವಕೀಲರ ಮುಖಾಂತರ ಹಾಜರಾಗಿ ನಿಮ್ಮ ಆಕ್ಷೇಪಣೆ ಸಲ್ಲಿಸತಕ್ಕದ್ದು. ತಪ್ಪಿದಲ್ಲಿ ಏಕಪಕ್ಷೀಯವಾಗಿ ತೀರ್ಮಾನಿಸಲಾಗುವುದು.

ದಾವೆಯ ಸ್ವತ್ತಿನ ಷೆಡ್ಯೂಲ್: ಹಾಸನ ತಾಲೂಕು, ಕಸಬಾ ಹೋಬಳಿ, ಸರ್ವೆ ನಂ. 45/2 ರಲ್ಲಿ 1 ಎಕರೆ 20 ಗುಂಟೆ ಜಮೀನು. ಚಕ್ಕುಬಂದಿ: ಪೂರ್ವಕ್ಕೆ ರಸ್ತೆ, ಪಶ್ಚಿಮಕ್ಕೆ ಕೆರೆ, ಉತ್ತರಕ್ಕೆ ಖಾಸಗಿ ಜಮೀನು, ದಕ್ಷಿಣಕ್ಕೆ ಹಳ್ಳ.

ನ್ಯಾಯಾಲಯದ ಆದೇಶದ ಮೇರೆಗೆ,
ಶಿರಸ್ತೇದಾರರು, ನ್ಯಾಯಾಲಯ, ಹಾಸನ.
ವಾದಿಗಳ ಪರ ವಕೀಲರು.
ನ್ಯಾಯಾಲಯದ ಸಿವಿಲ್ ನ್ಯಾಯಾಧೀಶರು ಮತ್ತು ಜೆ.ಎಂ.ಎಫ್.ಸಿ. ನ್ಯಾಯಾಲಯ, ಹಾಸನ
ಓ.ಎಸ್. ನಂ. 529/2023
ವಾದಿಗಳು: 1) ಶ್ರೀಮತಿ ಲಕ್ಷ್ಮಮ್ಮ, 2) ಶ್ರೀ ರಾಮೇಗೌಡ, ವಾಸ: ಹಾಸನ ತಾಲೂಕು.
ಪ್ರತಿವಾದಿಗಳು: 1) ಶ್ರೀ ಮಂಜೇಗೌಡ ಬಿನ್ ಲೇಟ್ ಕೆಂಪೇಗೌಡ, ವಾಸ: ಹಾಸನ.

ಈ ಮೇಲ್ಕಂಡ ವಾದಿಗಳು ದಾಖಲಿಸಿರುವ ದಾವೆಯಲ್ಲಿ ಪ್ರತಿವಾದಿಗಳಿಗೆ ಸಮನ್ಸ್ ಜಾರಿಯಾಗದ ಕಾರಣ ಪತ್ರಿಕಾ ಪ್ರಕಟಣೆಯ ಮೂಲಕ ಜಾರಿ ಮಾಡಲು ಆದೇಶಿಸಲಾಗಿದೆ. ಆದ್ದರಿಂದ ನೀವು ದಿನಾಂಕ 10.09.2025 ರಂದು ಬೆಳಗ್ಗೆ 11 ಗಂಟೆಗೆ ನ್ಯಾಯಾಲಯದಲ್ಲಿ ಖುದ್ದಾಗಿ ಅಥವಾ ವಕೀಲರ ಮುಖಾಂತರ ಹಾಜರಾಗಿ ನಿಮ್ಮ ಆಕ್ಷೇಪಣೆ ಸಲ್ಲಿಸತಕ್ಕದ್ದು. ತಪ್ಪಿದಲ್ಲಿ ಏಕಪಕ್ಷೀಯವಾಗಿ ತೀರ್ಮಾನಿಸಲಾಗುವುದು.

ದಾವೆಯ ಸ್ವತ್ತಿನ ಷೆಡ್ಯೂಲ್: ಹಾಸನ ತಾಲೂಕು, ಕಸಬಾ ಹೋಬಳಿ, ಸರ್ವೆ ನಂ. 45/2 ರಲ್ಲಿ 1 ಎಕರೆ 20 ಗುಂಟೆ ಜಮೀನು. ಚಕ್ಕುಬಂದಿ: ಪೂರ್ವಕ್ಕೆ ರಸ್ತೆ, ಪಶ್ಚಿಮಕ್ಕೆ ಕೆರೆ, ಉತ್ತರಕ್ಕೆ ಖಾಸಗಿ ಜಮೀನು, ದಕ್ಷಿಣಕ್ಕೆ ಹಳ್ಳ.

ನ್ಯಾಯಾಲಯದ ಆದೇಶದ ಮೇರೆಗೆ,
ಶಿರಸ್ತೇದಾರರು, ನ್ಯಾಯಾಲಯ, ಹಾಸನ.
ವಾದಿಗಳ ಪರ ವಕೀಲರು.
ನ್ಯಾಯಾಲಯದ ಸಿವಿಲ್ ನ್ಯಾಯಾಧೀಶರು ಮತ್ತು ಜೆ.ಎಂ.ಎಫ್.ಸಿ. ನ್ಯಾಯಾಲಯ, ಹಾಸನ
ಓ.ಎಸ್. ನಂ. 529/2023
ವಾದಿಗಳು: 1) ಶ್ರೀಮತಿ ಲಕ್ಷ್ಮಮ್ಮ, 2) ಶ್ರೀ ರಾಮೇಗೌಡ, ವಾಸ: ಹಾಸನ ತಾಲೂಕು.
ಪ್ರತಿವಾದಿಗಳು: 1) ಶ್ರೀ ಮಂಜೇಗೌಡ ಬಿನ್ ಲೇಟ್ ಕೆಂಪೇಗೌಡ, ವಾಸ: ಹಾಸನ.

ಈ ಮೇಲ್ಕಂಡ ವಾದಿಗಳು ದಾಖಲಿಸಿರುವ ದಾವೆಯಲ್ಲಿ ಪ್ರತಿವಾದಿಗಳಿಗೆ ಸಮನ್ಸ್ ಜಾರಿಯಾಗದ ಕಾರಣ ಪತ್ರಿಕಾ ಪ್ರಕಟಣೆಯ ಮೂಲಕ ಜಾರಿ ಮಾಡಲು ಆದೇಶಿಸಲಾಗಿದೆ. ಆದ್ದರಿಂದ ನೀವು ದಿನಾಂಕ 10.09.2025 ರಂದು ಬೆಳಗ್ಗೆ 11 ಗಂಟೆಗೆ ನ್ಯಾಯಾಲಯದಲ್ಲಿ ಖುದ್ದಾಗಿ ಅಥವಾ ವಕೀಲರ ಮುಖಾಂತರ ಹಾಜರಾಗಿ ನಿಮ್ಮ ಆಕ್ಷೇಪಣೆ ಸಲ್ಲಿಸತಕ್ಕದ್ದು. ತಪ್ಪಿದಲ್ಲಿ ಏಕಪಕ್ಷೀಯವಾಗಿ ತೀರ್ಮಾನಿಸಲಾಗುವುದು.

ದಾವೆಯ ಸ್ವತ್ತಿನ ಷೆಡ್ಯೂಲ್: ಹಾಸನ ತಾಲೂಕು, ಕಸಬಾ ಹೋಬಳಿ, ಸರ್ವೆ ನಂ. 45/2 ರಲ್ಲಿ 1 ಎಕರೆ 20 ಗುಂಟೆ ಜಮೀನು. ಚಕ್ಕುಬಂದಿ: ಪೂರ್ವಕ್ಕೆ ರಸ್ತೆ, ಪಶ್ಚಿಮಕ್ಕೆ ಕೆರೆ, ಉತ್ತರಕ್ಕೆ ಖಾಸಗಿ ಜಮೀನು, ದಕ್ಷಿಣಕ್ಕೆ ಹಳ್ಳ.

ನ್ಯಾಯಾಲಯದ ಆದೇಶದ ಮೇರೆಗೆ,
ಶಿರಸ್ತೇದಾರರು, ನ್ಯಾಯಾಲಯ, ಹಾಸನ.
ವಾದಿಗಳ ಪರ ವಕೀಲರು.
ನ್ಯಾಯಾಲಯದ ಸಿವಿಲ್ ನ್ಯಾಯಾಧೀಶರು ಮತ್ತು ಜೆ.ಎಂ.ಎಫ್.ಸಿ. ನ್ಯಾಯಾಲಯ, ಹಾಸನ
ಓ.ಎಸ್. ನಂ. 529/2023
ವಾದಿಗಳು: 1) ಶ್ರೀಮತಿ ಲಕ್ಷ್ಮಮ್ಮ, 2) ಶ್ರೀ ರಾಮೇಗೌಡ, ವಾಸ: ಹಾಸನ ತಾಲೂಕು.
ಪ್ರತಿವಾದಿಗಳು: 1) ಶ್ರೀ ಮಂಜೇಗೌಡ ಬಿನ್ ಲೇಟ್ ಕೆಂಪೇಗೌಡ, ವಾಸ: ಹಾಸನ.

ಈ ಮೇಲ್ಕಂಡ ವಾದಿಗಳು ದಾಖಲಿಸಿರುವ ದಾವೆಯಲ್ಲಿ ಪ್ರತಿವಾದಿಗಳಿಗೆ ಸಮನ್ಸ್ ಜಾರಿಯಾಗದ ಕಾರಣ ಪತ್ರಿಕಾ ಪ್ರಕಟಣೆಯ ಮೂಲಕ ಜಾರಿ ಮಾಡಲು ಆದೇಶಿಸಲಾಗಿದೆ. ಆದ್ದರಿಂದ ನೀವು ದಿನಾಂಕ 10.09.2025 ರಂದು ಬೆಳಗ್ಗೆ 11 ಗಂಟೆಗೆ ನ್ಯಾಯಾಲಯದಲ್ಲಿ ಖುದ್ದಾಗಿ ಅಥವಾ ವಕೀಲರ ಮುಖಾಂತರ ಹಾಜರಾಗಿ ನಿಮ್ಮ ಆಕ್ಷೇಪಣೆ ಸಲ್ಲಿಸತಕ್ಕದ್ದು. ತಪ್ಪಿದಲ್ಲಿ ಏಕಪಕ್ಷೀಯವಾಗಿ ತೀರ್ಮಾನಿಸಲಾಗುವುದು.

ದಾವೆಯ ಸ್ವತ್ತಿನ ಷೆಡ್ಯೂಲ್: ಹಾಸನ ತಾಲೂಕು, ಕಸಬಾ ಹೋಬಳಿ, ಸರ್ವೆ ನಂ. 45/2 ರಲ್ಲಿ 1 ಎಕರೆ 20 ಗುಂಟೆ ಜಮೀನು. ಚಕ್ಕುಬಂದಿ: ಪೂರ್ವಕ್ಕೆ ರಸ್ತೆ, ಪಶ್ಚಿಮಕ್ಕೆ ಕೆರೆ, ಉತ್ತರಕ್ಕೆ ಖಾಸಗಿ ಜಮೀನು, ದಕ್ಷಿಣಕ್ಕೆ ಹಳ್ಳ.

ನ್ಯಾಯಾಲಯದ ಆದೇಶದ ಮೇರೆಗೆ,
ಶಿರಸ್ತೇದಾರರು, ನ್ಯಾಯಾಲಯ, ಹಾಸನ.
ವಾದಿಗಳ ಪರ ವಕೀಲರು.
ನ್ಯಾಯಾಲಯದ ಸಿವಿಲ್ ನ್ಯಾಯಾಧೀಶರು ಮತ್ತು ಜೆ.ಎಂ.ಎಫ್.ಸಿ. ನ್ಯಾಯಾಲಯ, ಹಾಸನ
ಓ.ಎಸ್. ನಂ. 529/2023
ವಾದಿಗಳು: 1) ಶ್ರೀಮತಿ ಲಕ್ಷ್ಮಮ್ಮ, 2) ಶ್ರೀ ರಾಮೇಗೌಡ, ವಾಸ: ಹಾಸನ ತಾಲೂಕು.
ಪ್ರತಿವಾದಿಗಳು: 1) ಶ್ರೀ ಮಂಜೇಗೌಡ ಬಿನ್ ಲೇಟ್ ಕೆಂಪೇಗೌಡ, ವಾಸ: ಹಾಸನ.

ಈ ಮೇಲ್ಕಂಡ ವಾದಿಗಳು ದಾಖಲಿಸಿರುವ ದಾವೆಯಲ್ಲಿ ಪ್ರತಿವಾದಿಗಳಿಗೆ ಸಮನ್ಸ್ ಜಾರಿಯಾಗದ ಕಾರಣ ಪತ್ರಿಕಾ ಪ್ರಕಟಣೆಯ ಮೂಲಕ ಜಾರಿ ಮಾಡಲು ಆದೇಶಿಸಲಾಗಿದೆ. ಆದ್ದರಿಂದ ನೀವು ದಿನಾಂಕ 10.09.2025 ರಂದು ಬೆಳಗ್ಗೆ 11 ಗಂಟೆಗೆ ನ್ಯಾಯಾಲಯದಲ್ಲಿ ಖುದ್ದಾಗಿ ಅಥವಾ ವಕೀಲರ ಮುಖಾಂತರ ಹಾಜರಾಗಿ ನಿಮ್ಮ ಆಕ್ಷೇಪಣೆ ಸಲ್ಲಿಸತಕ್ಕದ್ದು. ತಪ್ಪಿದಲ್ಲಿ ಏಕಪಕ್ಷೀಯವಾಗಿ ತೀರ್ಮಾನಿಸಲಾಗುವುದು.

ದಾವೆಯ ಸ್ವತ್ತಿನ ಷೆಡ್ಯೂಲ್: ಹಾಸನ ತಾಲೂಕು, ಕಸಬಾ ಹೋಬಳಿ, ಸರ್ವೆ ನಂ. 45/2 ರಲ್ಲಿ 1 ಎಕರೆ 20 ಗುಂಟೆ ಜಮೀನು. ಚಕ್ಕುಬಂದಿ: ಪೂರ್ವಕ್ಕೆ ರಸ್ತೆ, ಪಶ್ಚಿಮಕ್ಕೆ ಕೆರೆ, ಉತ್ತರಕ್ಕೆ ಖಾಸಗಿ ಜಮೀನು, ದಕ್ಷಿಣಕ್ಕೆ ಹಳ್ಳ.

ನ್ಯಾಯಾಲಯದ ಆದೇಶದ ಮೇರೆಗೆ,
ಶಿರಸ್ತೇದಾರರು, ನ್ಯಾಯಾಲಯ, ಹಾಸನ.
ವಾದಿಗಳ ಪರ ವಕೀಲರು.
ನ್ಯಾಯಾಲಯದ ಸಿವಿಲ್ ನ್ಯಾಯಾಧೀಶರು ಮತ್ತು ಜೆ.ಎಂ.ಎಫ್.ಸಿ. ನ್ಯಾಯಾಲಯ, ಹಾಸನ
ಓ.ಎಸ್. ನಂ. 529/2023
ವಾದಿಗಳು: 1) ಶ್ರೀಮತಿ ಲಕ್ಷ್ಮಮ್ಮ, 2) ಶ್ರೀ ರಾಮೇಗೌಡ, ವಾಸ: ಹಾಸನ ತಾಲೂಕು.
ಪ್ರತಿವಾದಿಗಳು: 1) ಶ್ರೀ ಮಂಜೇಗೌಡ ಬಿನ್ ಲೇಟ್ ಕೆಂಪೇಗೌಡ, ವಾಸ: ಹಾಸನ.

ಈ ಮೇಲ್ಕಂಡ ವಾದಿಗಳು ದಾಖಲಿಸಿರುವ ದಾವೆಯಲ್ಲಿ ಪ್ರತಿವಾದಿಗಳಿಗೆ ಸಮನ್ಸ್ ಜಾರಿಯಾಗದ ಕಾರಣ ಪತ್ರಿಕಾ ಪ್ರಕಟಣೆಯ ಮೂಲಕ ಜಾರಿ ಮಾಡಲು ಆದೇಶಿಸಲಾಗಿದೆ. ಆದ್ದರಿಂದ ನೀವು ದಿನಾಂಕ 10.09.2025 ರಂದು ಬೆಳಗ್ಗೆ 11 ಗಂಟೆಗೆ ನ್ಯಾಯಾಲಯದಲ್ಲಿ ಖುದ್ದಾಗಿ ಅಥವಾ ವಕೀಲರ ಮುಖಾಂತರ ಹಾಜರಾಗಿ ನಿಮ್ಮ ಆಕ್ಷೇಪಣೆ ಸಲ್ಲಿಸತಕ್ಕದ್ದು. ತಪ್ಪಿದಲ್ಲಿ ಏಕಪಕ್ಷೀಯವಾಗಿ ತೀರ್ಮಾನಿಸಲಾಗುವುದು.

ದಾವೆಯ ಸ್ವತ್ತಿನ ಷೆಡ್ಯೂಲ್: ಹಾಸನ ತಾಲೂಕು, ಕಸಬಾ ಹೋಬಳಿ, ಸರ್ವೆ ನಂ. 45/2 ರಲ್ಲಿ 1 ಎಕರೆ 20 ಗುಂಟೆ ಜಮೀನು. ಚಕ್ಕುಬಂದಿ: ಪೂರ್ವಕ್ಕೆ ರಸ್ತೆ, ಪಶ್ಚಿಮಕ್ಕೆ ಕೆರೆ, ಉತ್ತರಕ್ಕೆ ಖಾಸಗಿ ಜಮೀನು, ದಕ್ಷಿಣಕ್ಕೆ ಹಳ್ಳ.

ನ್ಯಾಯಾಲಯದ ಆದೇಶದ ಮೇರೆಗೆ,
ಶಿರಸ್ತೇದಾರರು, ನ್ಯಾಯಾಲಯ, ಹಾಸನ.
ವಾದಿಗಳ ಪರ ವಕೀಲರು.
ವಾಲ್ಮೀಕಿ ಸಮಾಜ, ಹಲವು ದಲಿತಪರ ಸಂಘಟನೆಗಳಿಂದ ನಾಳೆ ಪ್ರತಿಭಟನೆ
ಸಚಿವ ಸಂಪುಟದಿಂದ ರಾಜಣ್ಣ ವಜಾಗೆ ಖಂಡನೆ
ಹಾಸನ: ಮಾಜಿ ಸಚಿವ, ಹಿರಿಯ ಕಾಂಗ್ರೆಸ್ ಧುರೀಣ ಹಾಗೂ ವಾಲ್ಮೀಕಿ ಸಮುದಾಯದ ಹಿರಿಯ ನಾಯಕರಾದ ಕೆ.ಎನ್. ರಾಜಣ್ಣ ಅವರನ್ನು ರಾಜ್ಯ ಸಚಿವ ಸಂಪುಟದಿಂದ ವಜಾ ಮಾಡಿರುವುದನ್ನು ಖಂಡಿಸಿ ಆ.18 ರಂದು ಜಿಲ್ಲಾ ವಾಲ್ಮೀಕಿ ಸಮಾಜ ಹಾಗೂ ದಲಿತಪರ ಸಂಘಟನೆಗಳು, ಹಿಂದುಳಿದ ವರ್ಗಗಳ ಸಂಘಗಳ ವತಿಯಿಂದ ಬೃಹತ್ ಪ್ರತಿಭಟನೆ ಹಮ್ಮಿಕೊಳ್ಳಲಾಗಿದೆ ಎಂದು ಸಮಾಜದ ಮುಖಂಡರು ತಿಳಿಸಿದರು. ನಗರದ ಪತ್ರಿಕಾ ಭವನದಲ್ಲಿ ಸುದ್ದಿಗೋಷ್ಠಿಯಲ್ಲಿ ಮಾತನಾಡಿದ ಅವರು, ರಾಜಣ್ಣ ಅವರು ಸತ್ಯವನ್ನು ಹೇಳಿದ್ದಕ್ಕೆ ಅವರನ್ನು ವಜಾ ಮಾಡಲಾಗಿದೆ. ಇದು ಶೋಷಿತ ಸಮುದಾಯಕ್ಕೆ ಮಾಡಿದ ಅನ್ಯಾಯ. ಸರ್ಕಾರ ಕೂಡಲೇ ಅವರನ್ನು ಮತ್ತೆ ಸಂಪುಟಕ್ಕೆ ಸೇರಿಸಿಕೊಳ್ಳಬೇಕು ಎಂದು ಒತ್ತಾಯಿಸಿದರು. ರಾಜಣ್ಣ ಅವರು ಹಿಂದುಳಿದ ವರ್ಗಗಳ ಪರವಾಗಿ ಸದಾ ಧ್ವನಿ ಎತ್ತಿದ್ದಾರೆ. ಅಂತಹ ನಾಯಕನಿಗೆ ಅನ್ಯಾಯವಾಗಿದೆ ಎಂದರು.
ಹೋರಾಟ ಯಶಸ್ವಿಗೊಳಿಸಲು ಮನವಿ
ಸೋಮವಾರ ಬೆಳಗ್ಗೆ 10 ಗಂಟೆಗೆ ನಗರದ ಹೇಮಾವತಿ ಪ್ರತಿಮೆ ಬಳಿಯಿಂದ ಡಿಸಿ ಕಚೇರಿ ವರೆಗೆ ಹೋರಾಟ ಹಮ್ಮಿಕೊಳ್ಳಲಾಗಿದೆ. ಜಿಲ್ಲೆಯ ವಾಲ್ಮೀಕಿ ಸಮಾಜದ ಎಲ್ಲಾ ಮುಖಂಡರು, ಬಂಧುಗಳು ಹಾಗೂ ದಲಿತ ಸಮುದಾಯದ ಪ್ರಜ್ಞಾವಂತರು ಪ್ರತಿಭಟನೆಯಲ್ಲಿ ಭಾಗಿಯಾಗಿ ಹೋರಾಟ ಯಶಸ್ವಿಗೊಳಿಸಬೇಕೆಂದು ಮನವಿ ಮಾಡಿದರು.
» ಹಾಸನ ಜಿಲ್ಲೆಯ ಹೇಮಾವತಿ ಪ್ರತಿಮೆ ಬಳಿಯಿಂದ ಡಿಸಿ ಕಚೇರಿ ವರೆಗೆ ಹೋರಾಟ
» ವಾಲ್ಮೀಕಿ ಸಮಾಜದ ಎಲ್ಲ ಮುಖಂಡರು ಹಾಗೂ ದಲಿತ ಸಮುದಾಯದ ಭಾಗಿ
ಅವರನ್ನು ಹೊರಗಿಟ್ಟಿರುವುದು ಇಡೀ ರಾಜ್ಯದ ವಾಲ್ಮೀಕಿ ಹಾಗೂ ದಲಿತ ಸಮುದಾಯಕ್ಕೆ ಮಾಡಿದ ಅವಮಾನ ಎಂದು ಅಸಮಾಧಾನ ವ್ಯಕ್ತಪಡಿಸಿದರು. ಕೂಡಲೇ ಅವರನ್ನು ಸಂಪುಟಕ್ಕೆ ಮರು ಸೇರ್ಪಡೆ ಮಾಡಬೇಕು. ಇಲ್ಲವಾದಲ್ಲಿ ಹೋರಾಟ ತೀವ್ರಗೊಳಿಸಲಾಗುವುದು ಎಂದರು. ಮುಖಂಡರು, ಪದಾಧಿಕಾರಿಗಳು ಹಾಜರಿದ್ದರು.
